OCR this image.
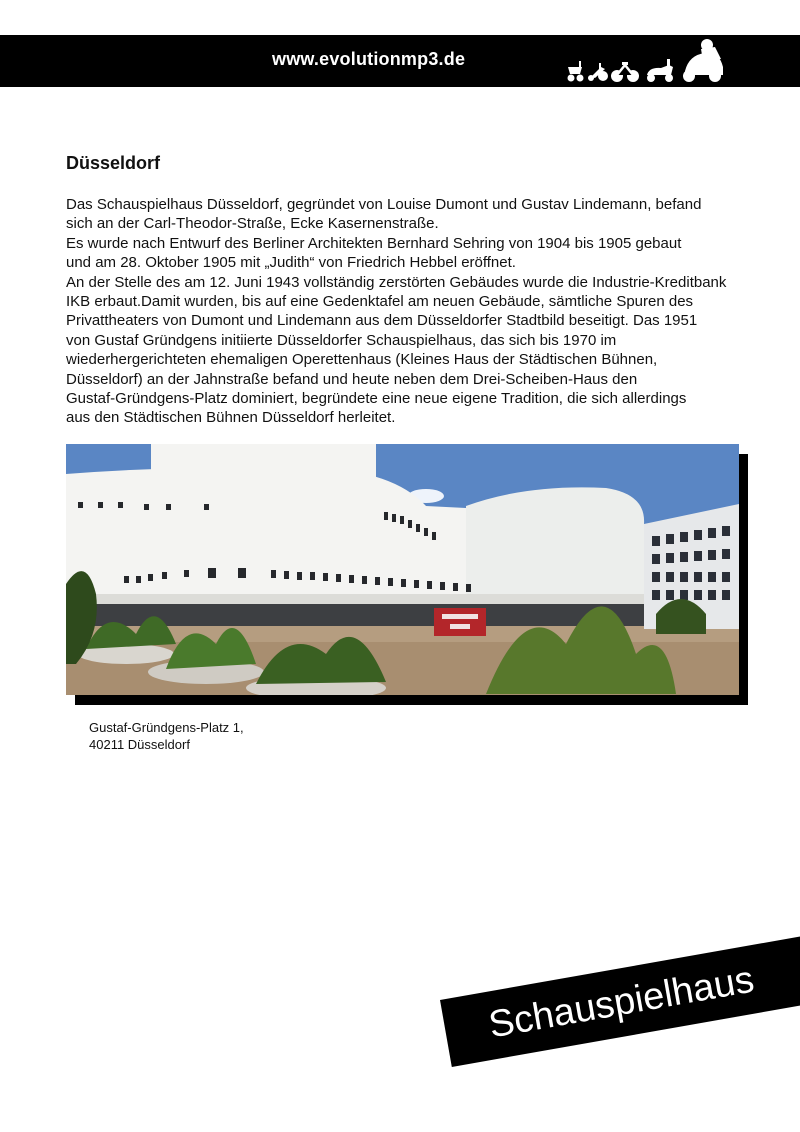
www.evolutionmp3.de
Düsseldorf

Das Schauspielhaus Düsseldorf, gegründet von Louise Dumont und Gustav Lindemann, befand

sich an der Carl-Theodor-Straße, Ecke Kasernenstraße.

Es wurde nach Entwurf des Berliner Architekten Bernhard Sehring von 1904 bis 1905 gebaut

und am 28. Oktober 1905 mit „Judith“ von Friedrich Hebbel eröffnet.

An der Stelle des am 12. Juni 1943 vollständig zerstörten Gebäudes wurde die Industrie-Kreditbank

IKB erbaut.Damit wurden, bis auf eine Gedenktafel am neuen Gebäude, sämtliche Spuren des

Privattheaters von Dumont und Lindemann aus dem Düsseldorfer Stadtbild beseitigt. Das 1951

von Gustaf Gründgens initiierte Düsseldorfer Schauspielhaus, das sich bis 1970 im

wiederhergerichteten ehemaligen Operettenhaus (Kleines Haus der Städtischen Bühnen,

Düsseldorf) an der Jahnstraße befand und heute neben dem Drei-Scheiben-Haus den

Gustaf-Gründgens-Platz dominiert, begründete eine neue eigene Tradition, die sich allerdings

aus den Städtischen Bühnen Düsseldorf herleitet.

Gustaf-Gründgens-Platz 1,
40211 Düsseldorf
Schauspielhaus
